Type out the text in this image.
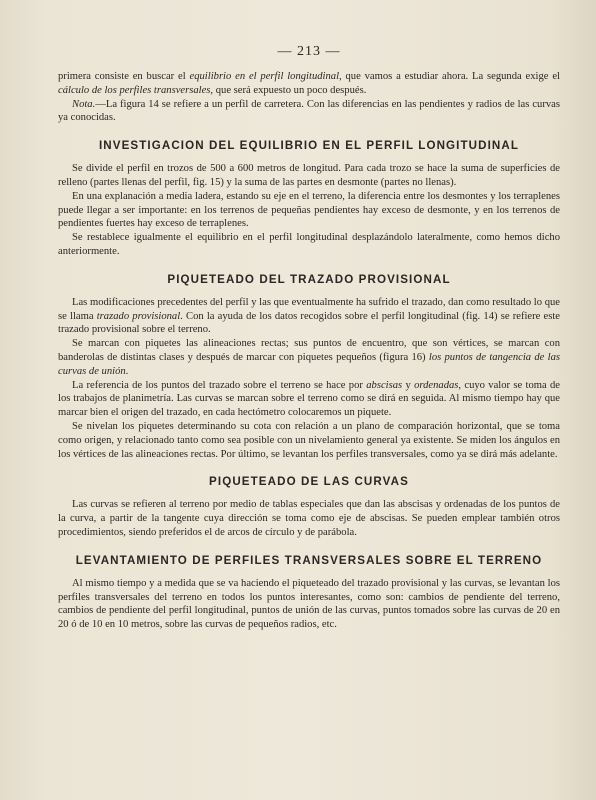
— 213 —

primera consiste en buscar el equilibrio en el perfil longitudinal, que vamos a estudiar ahora. La segunda exige el cálculo de los perfiles transversales, que será expuesto un poco después.

Nota.—La figura 14 se refiere a un perfil de carretera. Con las diferencias en las pendientes y radios de las curvas ya conocidas.

INVESTIGACION DEL EQUILIBRIO EN EL PERFIL LONGITUDINAL

Se divide el perfil en trozos de 500 a 600 metros de longitud. Para cada trozo se hace la suma de superficies de relleno (partes llenas del perfil, fig. 15) y la suma de las partes en desmonte (partes no llenas).

En una explanación a media ladera, estando su eje en el terreno, la diferencia entre los desmontes y los terraplenes puede llegar a ser importante: en los terrenos de pequeñas pendientes hay exceso de desmonte, y en los terrenos de pendientes fuertes hay exceso de terraplenes.

Se restablece igualmente el equilibrio en el perfil longitudinal desplazándolo lateralmente, como hemos dicho anteriormente.

PIQUETEADO DEL TRAZADO PROVISIONAL

Las modificaciones precedentes del perfil y las que eventualmente ha sufrido el trazado, dan como resultado lo que se llama trazado provisional. Con la ayuda de los datos recogidos sobre el perfil longitudinal (fig. 14) se refiere este trazado provisional sobre el terreno.

Se marcan con piquetes las alineaciones rectas; sus puntos de encuentro, que son vértices, se marcan con banderolas de distintas clases y después de marcar con piquetes pequeños (figura 16) los puntos de tangencia de las curvas de unión.

La referencia de los puntos del trazado sobre el terreno se hace por abscisas y ordenadas, cuyo valor se toma de los trabajos de planimetría. Las curvas se marcan sobre el terreno como se dirá en seguida. Al mismo tiempo hay que marcar bien el origen del trazado, en cada hectómetro colocaremos un piquete.

Se nivelan los piquetes determinando su cota con relación a un plano de comparación horizontal, que se toma como origen, y relacionado tanto como sea posible con un nivelamiento general ya existente. Se miden los ángulos en los vértices de las alineaciones rectas. Por último, se levantan los perfiles transversales, como ya se dirá más adelante.

PIQUETEADO DE LAS CURVAS

Las curvas se refieren al terreno por medio de tablas especiales que dan las abscisas y ordenadas de los puntos de la curva, a partir de la tangente cuya dirección se toma como eje de abscisas. Se pueden emplear también otros procedimientos, siendo preferidos el de arcos de círculo y de parábola.

LEVANTAMIENTO DE PERFILES TRANSVERSALES SOBRE EL TERRENO

Al mismo tiempo y a medida que se va haciendo el piqueteado del trazado provisional y las curvas, se levantan los perfiles transversales del terreno en todos los puntos interesantes, como son: cambios de pendiente del terreno, cambios de pendiente del perfil longitudinal, puntos de unión de las curvas, puntos tomados sobre las curvas de 20 en 20 ó de 10 en 10 metros, sobre las curvas de pequeños radios, etc.
